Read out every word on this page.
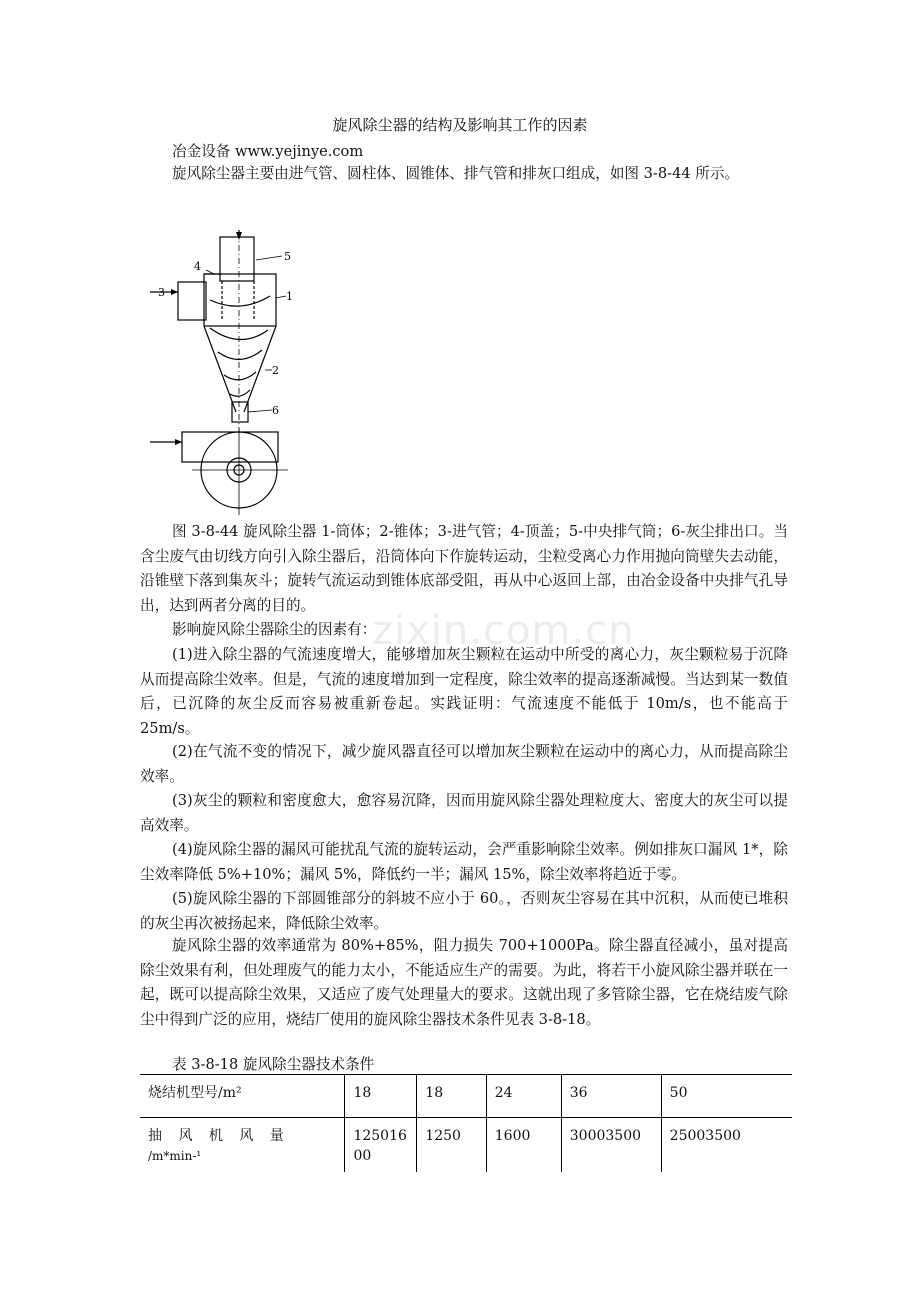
旋风除尘器的结构及影响其工作的因素

冶金设备 www.yejinye.com

旋风除尘器主要由进气管、圆柱体、圆锥体、排气管和排灰口组成，如图 3-8-44 所示。

5
4
3	1
2
6

图 3-8-44 旋风除尘器 1-筒体；2-锥体；3-进气管；4-顶盖；5-中央排气筒；6-灰尘排出口。当含尘废气由切线方向引入除尘器后，沿筒体向下作旋转运动，尘粒受离心力作用抛向筒壁失去动能，沿锥壁下落到集灰斗；旋转气流运动到锥体底部受阻，再从中心返回上部，由冶金设备中央排气孔导出，达到两者分离的目的。

zixin.com.cn

影响旋风除尘器除尘的因素有：

(1)进入除尘器的气流速度增大，能够增加灰尘颗粒在运动中所受的离心力，灰尘颗粒易于沉降从而提高除尘效率。但是，气流的速度增加到一定程度，除尘效率的提高逐渐减慢。当达到某一数值后，已沉降的灰尘反而容易被重新卷起。实践证明：气流速度不能低于 10m/s，也不能高于 25m/s。

(2)在气流不变的情况下，减少旋风器直径可以增加灰尘颗粒在运动中的离心力，从而提高除尘效率。

(3)灰尘的颗粒和密度愈大，愈容易沉降，因而用旋风除尘器处理粒度大、密度大的灰尘可以提高效率。

(4)旋风除尘器的漏风可能扰乱气流的旋转运动，会严重影响除尘效率。例如排灰口漏风 1*，除尘效率降低 5%+10%；漏风 5%，降低约一半；漏风 15%，除尘效率将趋近于零。

(5)旋风除尘器的下部圆锥部分的斜坡不应小于 60。，否则灰尘容易在其中沉积，从而使已堆积的灰尘再次被扬起来，降低除尘效率。

旋风除尘器的效率通常为 80%+85%，阻力损失 700+1000Pa。除尘器直径减小，虽对提高除尘效果有利，但处理废气的能力太小，不能适应生产的需要。为此，将若干小旋风除尘器并联在一起，既可以提高除尘效果，又适应了废气处理量大的要求。这就出现了多管除尘器，它在烧结废气除尘中得到广泛的应用，烧结厂使用的旋风除尘器技术条件见表 3-8-18。

表 3-8-18 旋风除尘器技术条件
烧结机型号/m²	18	18	24	36	50

抽 风 机 风 量
/m*min-¹	125016 00	1250	1600	30003500	25003500
